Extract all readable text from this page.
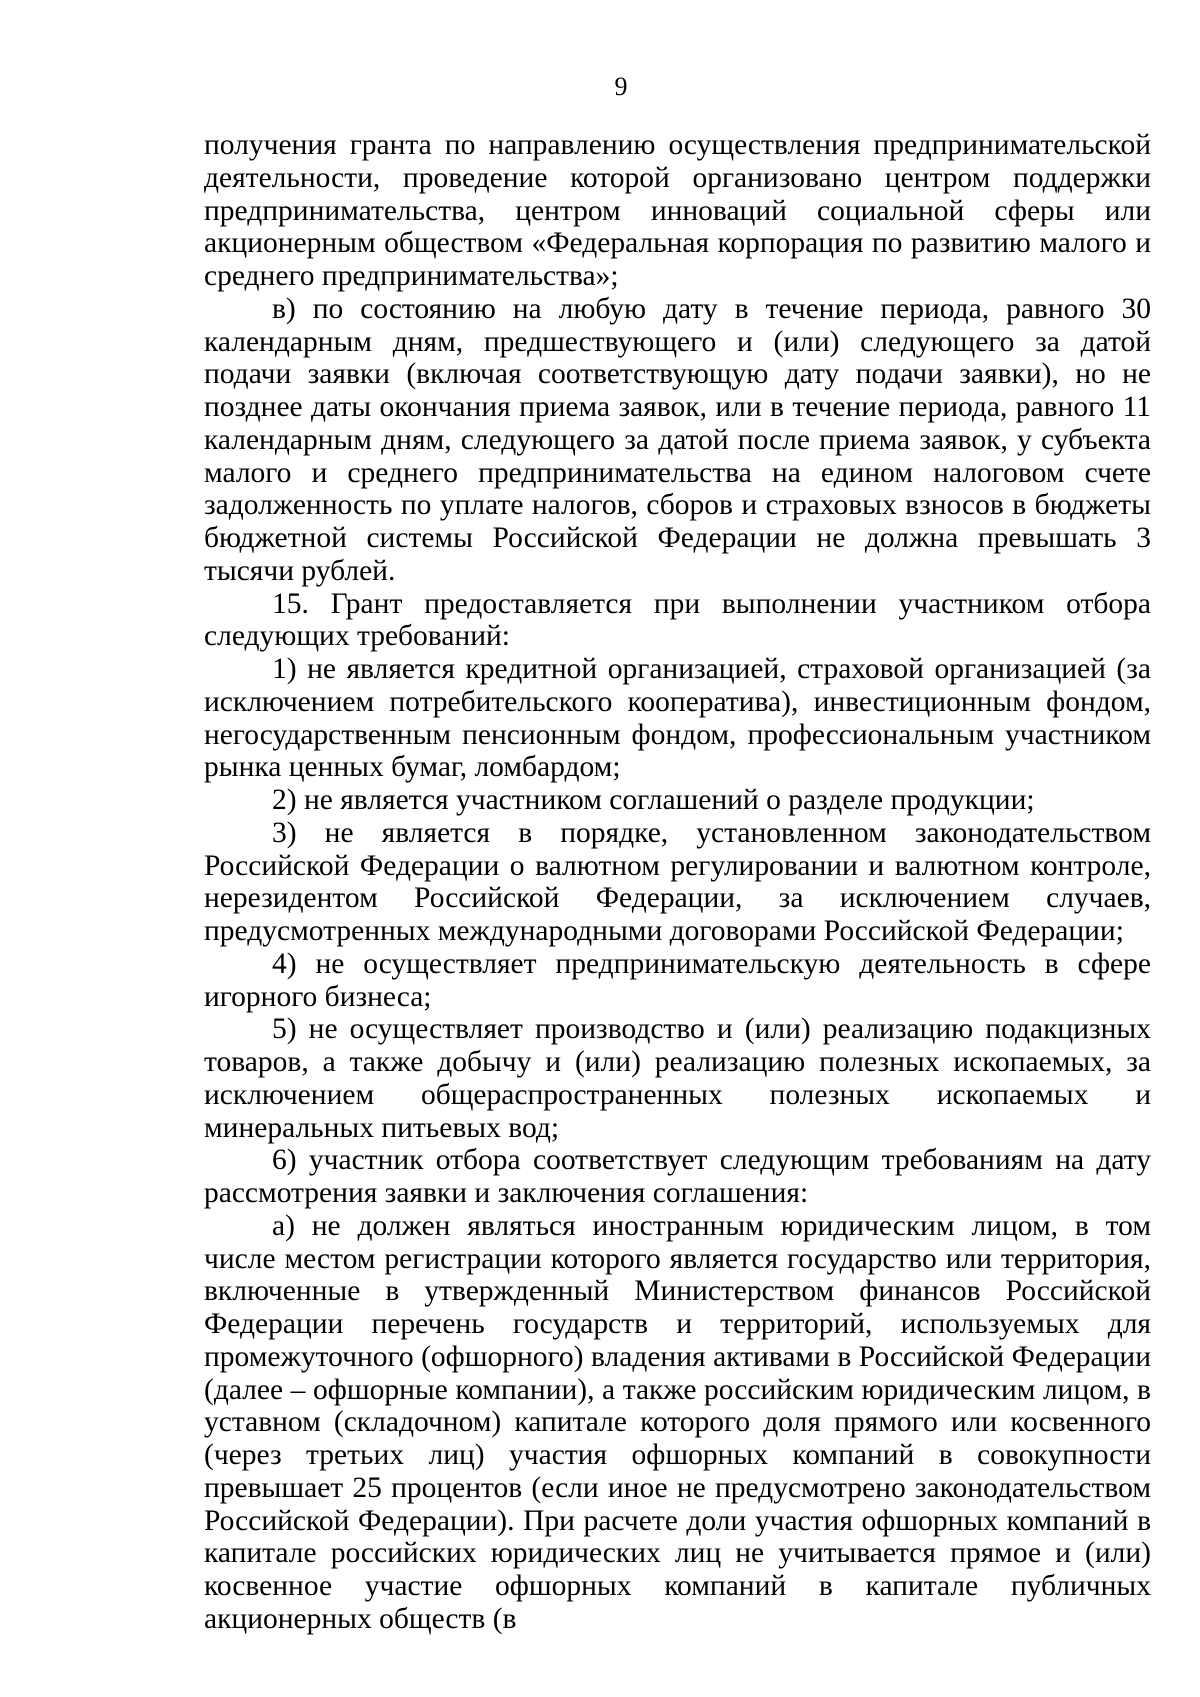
9

получения гранта по направлению осуществления предпринимательской деятельности, проведение которой организовано центром поддержки предпринимательства, центром инноваций социальной сферы или акционерным обществом «Федеральная корпорация по развитию малого и среднего предпринимательства»;

в) по состоянию на любую дату в течение периода, равного 30 календарным дням, предшествующего и (или) следующего за датой подачи заявки (включая соответствующую дату подачи заявки), но не позднее даты окончания приема заявок, или в течение периода, равного 11 календарным дням, следующего за датой после приема заявок, у субъекта малого и среднего предпринимательства на едином налоговом счете задолженность по уплате налогов, сборов и страховых взносов в бюджеты бюджетной системы Российской Федерации не должна превышать 3 тысячи рублей.

15. Грант предоставляется при выполнении участником отбора следующих требований:

1) не является кредитной организацией, страховой организацией (за исключением потребительского кооператива), инвестиционным фондом, негосударственным пенсионным фондом, профессиональным участником рынка ценных бумаг, ломбардом;

2) не является участником соглашений о разделе продукции;

3) не является в порядке, установленном законодательством Российской Федерации о валютном регулировании и валютном контроле, нерезидентом Российской Федерации, за исключением случаев, предусмотренных международными договорами Российской Федерации;

4) не осуществляет предпринимательскую деятельность в сфере игорного бизнеса;

5) не осуществляет производство и (или) реализацию подакцизных товаров, а также добычу и (или) реализацию полезных ископаемых, за исключением общераспространенных полезных ископаемых и минеральных питьевых вод;

6) участник отбора соответствует следующим требованиям на дату рассмотрения заявки и заключения соглашения:

а) не должен являться иностранным юридическим лицом, в том числе местом регистрации которого является государство или территория, включенные в утвержденный Министерством финансов Российской Федерации перечень государств и территорий, используемых для промежуточного (офшорного) владения активами в Российской Федерации (далее – офшорные компании), а также российским юридическим лицом, в уставном (складочном) капитале которого доля прямого или косвенного (через третьих лиц) участия офшорных компаний в совокупности превышает 25 процентов (если иное не предусмотрено законодательством Российской Федерации). При расчете доли участия офшорных компаний в капитале российских юридических лиц не учитывается прямое и (или) косвенное участие офшорных компаний в капитале публичных акционерных обществ (в
